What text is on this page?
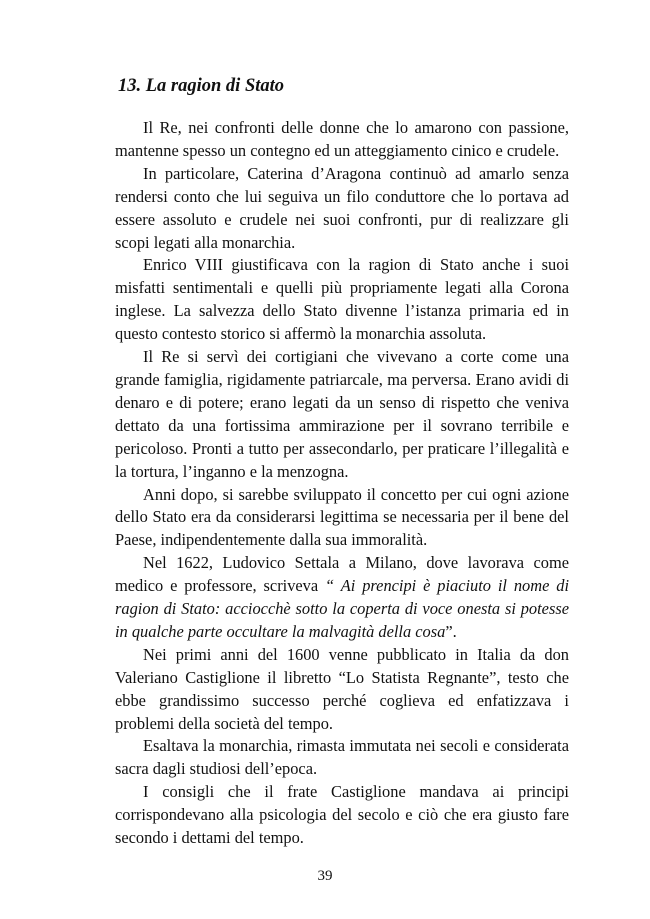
13. La ragion di Stato

Il Re, nei confronti delle donne che lo amarono con passione, mantenne spesso un contegno ed un atteggiamento cinico e crudele.

In particolare, Caterina d’Aragona continuò ad amarlo senza rendersi conto che lui seguiva un filo conduttore che lo portava ad essere assoluto e crudele nei suoi confronti, pur di realizzare gli scopi legati alla monarchia.

Enrico VIII giustificava con la ragion di Stato anche i suoi misfatti sentimentali e quelli più propriamente legati alla Corona inglese. La salvezza dello Stato divenne l’istanza primaria ed in questo contesto storico si affermò la monarchia assoluta.

Il Re si servì dei cortigiani che vivevano a corte come una grande famiglia, rigidamente patriarcale, ma perversa. Erano avidi di denaro e di potere; erano legati da un senso di rispetto che veniva dettato da una fortissima ammirazione per il sovrano terribile e pericoloso. Pronti a tutto per assecondarlo, per praticare l’illegalità e la tortura, l’inganno e la menzogna.

Anni dopo, si sarebbe sviluppato il concetto per cui ogni azione dello Stato era da considerarsi legittima se necessaria per il bene del Paese, indipendentemente dalla sua immoralità.

Nel 1622, Ludovico Settala a Milano, dove lavorava come medico e professore, scriveva “ Ai prencipi è piaciuto il nome di ragion di Stato: acciocchè sotto la coperta di voce onesta si potesse in qualche parte occultare la malvagità della cosa”.

Nei primi anni del 1600 venne pubblicato in Italia da don Valeriano Castiglione il libretto “Lo Statista Regnante”, testo che ebbe grandissimo successo perché coglieva ed enfatizzava i problemi della società del tempo.

Esaltava la monarchia, rimasta immutata nei secoli e considerata sacra dagli studiosi dell’epoca.

I consigli che il frate Castiglione mandava ai principi corrispondevano alla psicologia del secolo e ciò che era giusto fare secondo i dettami del tempo.

39
